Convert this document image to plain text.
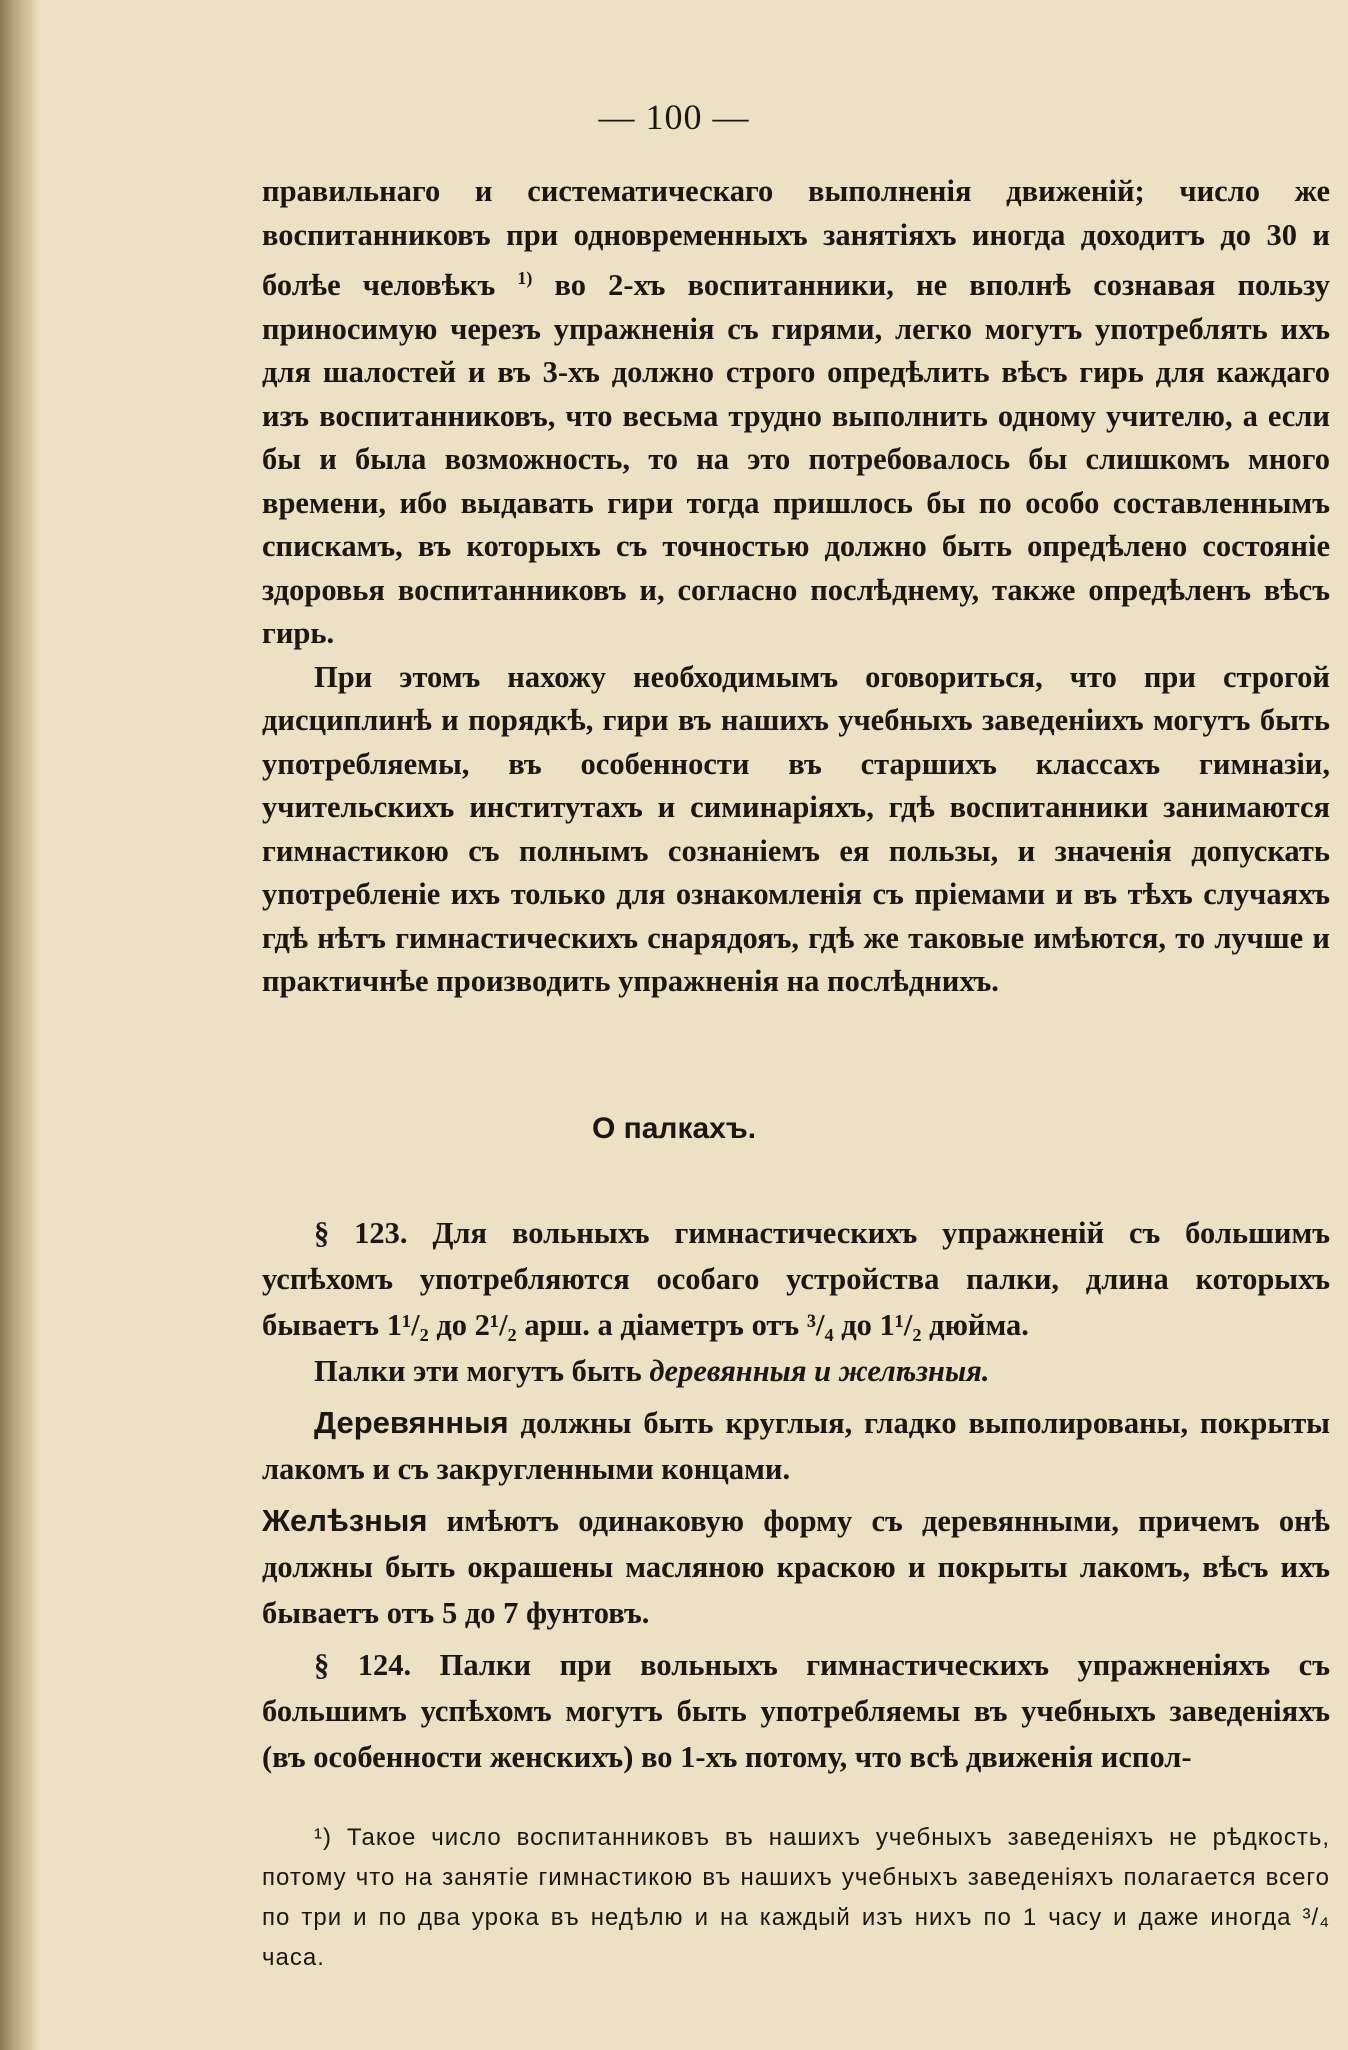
— 100 —

правильнаго и систематическаго выполненія движеній; число же воспитанниковъ при одновременныхъ занятіяхъ иногда доходитъ до 30 и болѣе человѣкъ $^{1)}$ во 2-хъ воспитанники, не вполнѣ сознавая пользу приносимую черезъ упражненія съ гирями, легко могутъ употреблять ихъ для шалостей и въ 3-хъ должно строго опредѣлить вѣсъ гирь для каждаго изъ воспитанниковъ, что весьма трудно выполнить одному учителю, а если бы и была возможность, то на это потребовалось бы слишкомъ много времени, ибо выдавать гири тогда пришлось бы по особо составленнымъ спискамъ, въ которыхъ съ точностью должно быть опредѣлено состояніе здоровья воспитанниковъ и, согласно послѣднему, также опредѣленъ вѣсъ гирь.

При этомъ нахожу необходимымъ оговориться, что при строгой дисциплинѣ и порядкѣ, гири въ нашихъ учебныхъ заведеніихъ могутъ быть употребляемы, въ особенности въ старшихъ классахъ гимназіи, учительскихъ институтахъ и симинаріяхъ, гдѣ воспитанники занимаются гимнастикою съ полнымъ сознаніемъ ея пользы, и значенія допускать употребленіе ихъ только для ознакомленія съ пріемами и въ тѣхъ случаяхъ гдѣ нѣтъ гимнастическихъ снарядояъ, гдѣ же таковые имѣются, то лучше и практичнѣе производить упражненія на послѣднихъ.

О палкахъ.

§ 123. Для вольныхъ гимнастическихъ упражненій съ большимъ успѣхомъ употребляются особаго устройства палки, длина которыхъ бываетъ 1¹/₂ до 2¹/₂ арш. а діаметръ отъ ³/₄ до 1¹/₂ дюйма.

Палки эти могутъ быть деревянныя и желѣзныя.

Деревянныя должны быть круглыя, гладко выполированы, покрыты лакомъ и съ закругленными концами.

Желѣзныя имѣютъ одинаковую форму съ деревянными, причемъ онѣ должны быть окрашены масляною краскою и покрыты лакомъ, вѣсъ ихъ бываетъ отъ 5 до 7 фунтовъ.

§ 124. Палки при вольныхъ гимнастическихъ упражненіяхъ съ большимъ успѣхомъ могутъ быть употребляемы въ учебныхъ заведеніяхъ (въ особенности женскихъ) во 1-хъ потому, что всѣ движенія испол-

¹) Такое число воспитанниковъ въ нашихъ учебныхъ заведеніяхъ не рѣдкость, потому что на занятіе гимнастикою въ нашихъ учебныхъ заведеніяхъ полагается всего по три и по два урока въ недѣлю и на каждый изъ нихъ по 1 часу и даже иногда ³/₄ часа.
